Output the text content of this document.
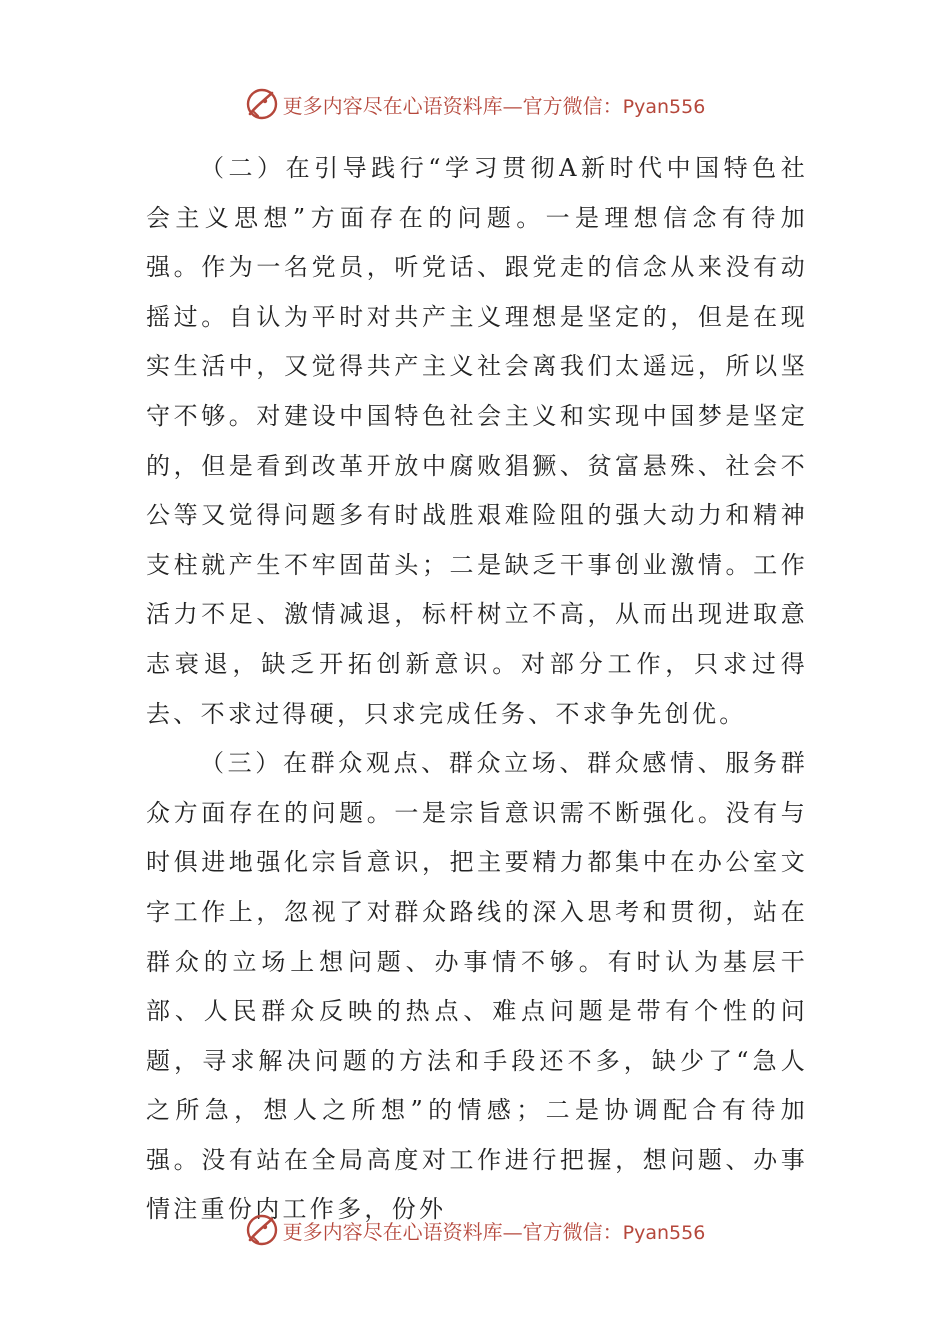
更多内容尽在心语资料库—官方微信：Pyan556

（二）在引导践行“学习贯彻A新时代中国特色社会主义思想”方面存在的问题。一是理想信念有待加强。作为一名党员，听党话、跟党走的信念从来没有动摇过。自认为平时对共产主义理想是坚定的，但是在现实生活中，又觉得共产主义社会离我们太遥远，所以坚守不够。对建设中国特色社会主义和实现中国梦是坚定的，但是看到改革开放中腐败猖獗、贫富悬殊、社会不公等又觉得问题多有时战胜艰难险阻的强大动力和精神支柱就产生不牢固苗头；二是缺乏干事创业激情。工作活力不足、激情减退，标杆树立不高，从而出现进取意志衰退，缺乏开拓创新意识。对部分工作，只求过得去、不求过得硬，只求完成任务、不求争先创优。

（三）在群众观点、群众立场、群众感情、服务群众方面存在的问题。一是宗旨意识需不断强化。没有与时俱进地强化宗旨意识，把主要精力都集中在办公室文字工作上，忽视了对群众路线的深入思考和贯彻，站在群众的立场上想问题、办事情不够。有时认为基层干部、人民群众反映的热点、难点问题是带有个性的问题，寻求解决问题的方法和手段还不多，缺少了“急人之所急，想人之所想”的情感；二是协调配合有待加强。没有站在全局高度对工作进行把握，想问题、办事情注重份内工作多，份外

更多内容尽在心语资料库—官方微信：Pyan556
